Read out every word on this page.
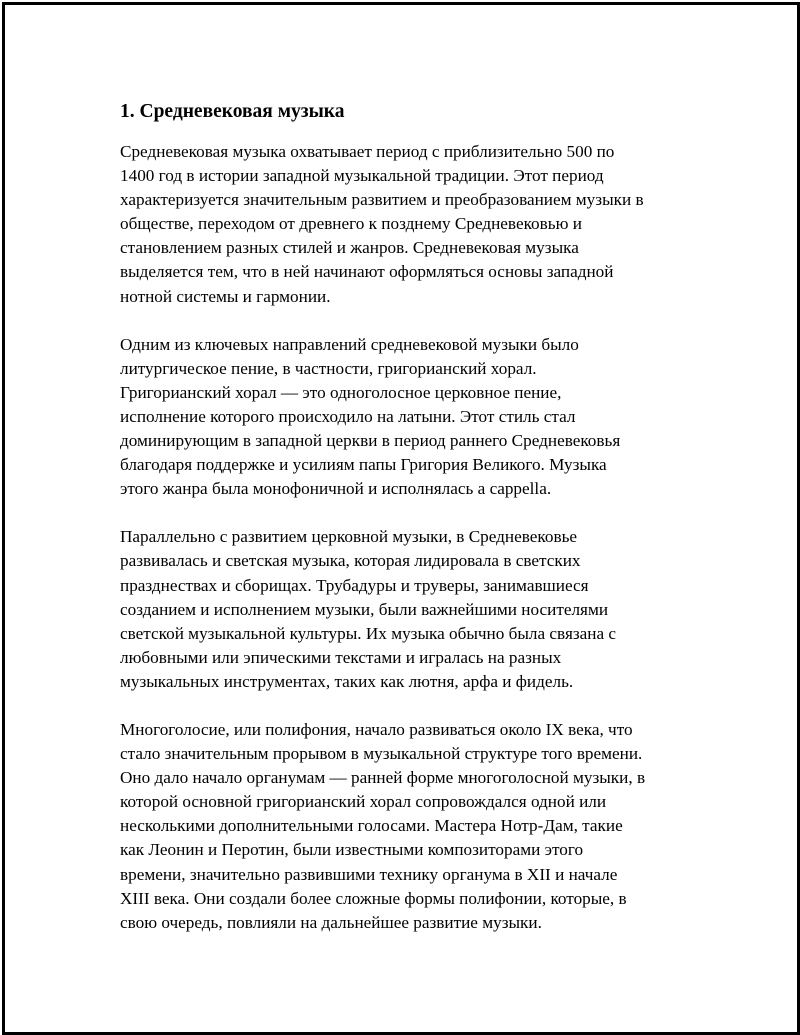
1. Средневековая музыка

Средневековая музыка охватывает период с приблизительно 500 по
1400 год в истории западной музыкальной традиции. Этот период
характеризуется значительным развитием и преобразованием музыки в
обществе, переходом от древнего к позднему Средневековью и
становлением разных стилей и жанров. Средневековая музыка
выделяется тем, что в ней начинают оформляться основы западной
нотной системы и гармонии.

Одним из ключевых направлений средневековой музыки было
литургическое пение, в частности, григорианский хорал.
Григорианский хорал — это одноголосное церковное пение,
исполнение которого происходило на латыни. Этот стиль стал
доминирующим в западной церкви в период раннего Средневековья
благодаря поддержке и усилиям папы Григория Великого. Музыка
этого жанра была монофоничной и исполнялась a cappella.

Параллельно с развитием церковной музыки, в Средневековье
развивалась и светская музыка, которая лидировала в светских
празднествах и сборищах. Трубадуры и труверы, занимавшиеся
созданием и исполнением музыки, были важнейшими носителями
светской музыкальной культуры. Их музыка обычно была связана с
любовными или эпическими текстами и игралась на разных
музыкальных инструментах, таких как лютня, арфа и фидель.

Многоголосие, или полифония, начало развиваться около IX века, что
стало значительным прорывом в музыкальной структуре того времени.
Оно дало начало органумам — ранней форме многоголосной музыки, в
которой основной григорианский хорал сопровождался одной или
несколькими дополнительными голосами. Мастера Нотр-Дам, такие
как Леонин и Перотин, были известными композиторами этого
времени, значительно развившими технику органума в XII и начале
XIII века. Они создали более сложные формы полифонии, которые, в
свою очередь, повлияли на дальнейшее развитие музыки.
